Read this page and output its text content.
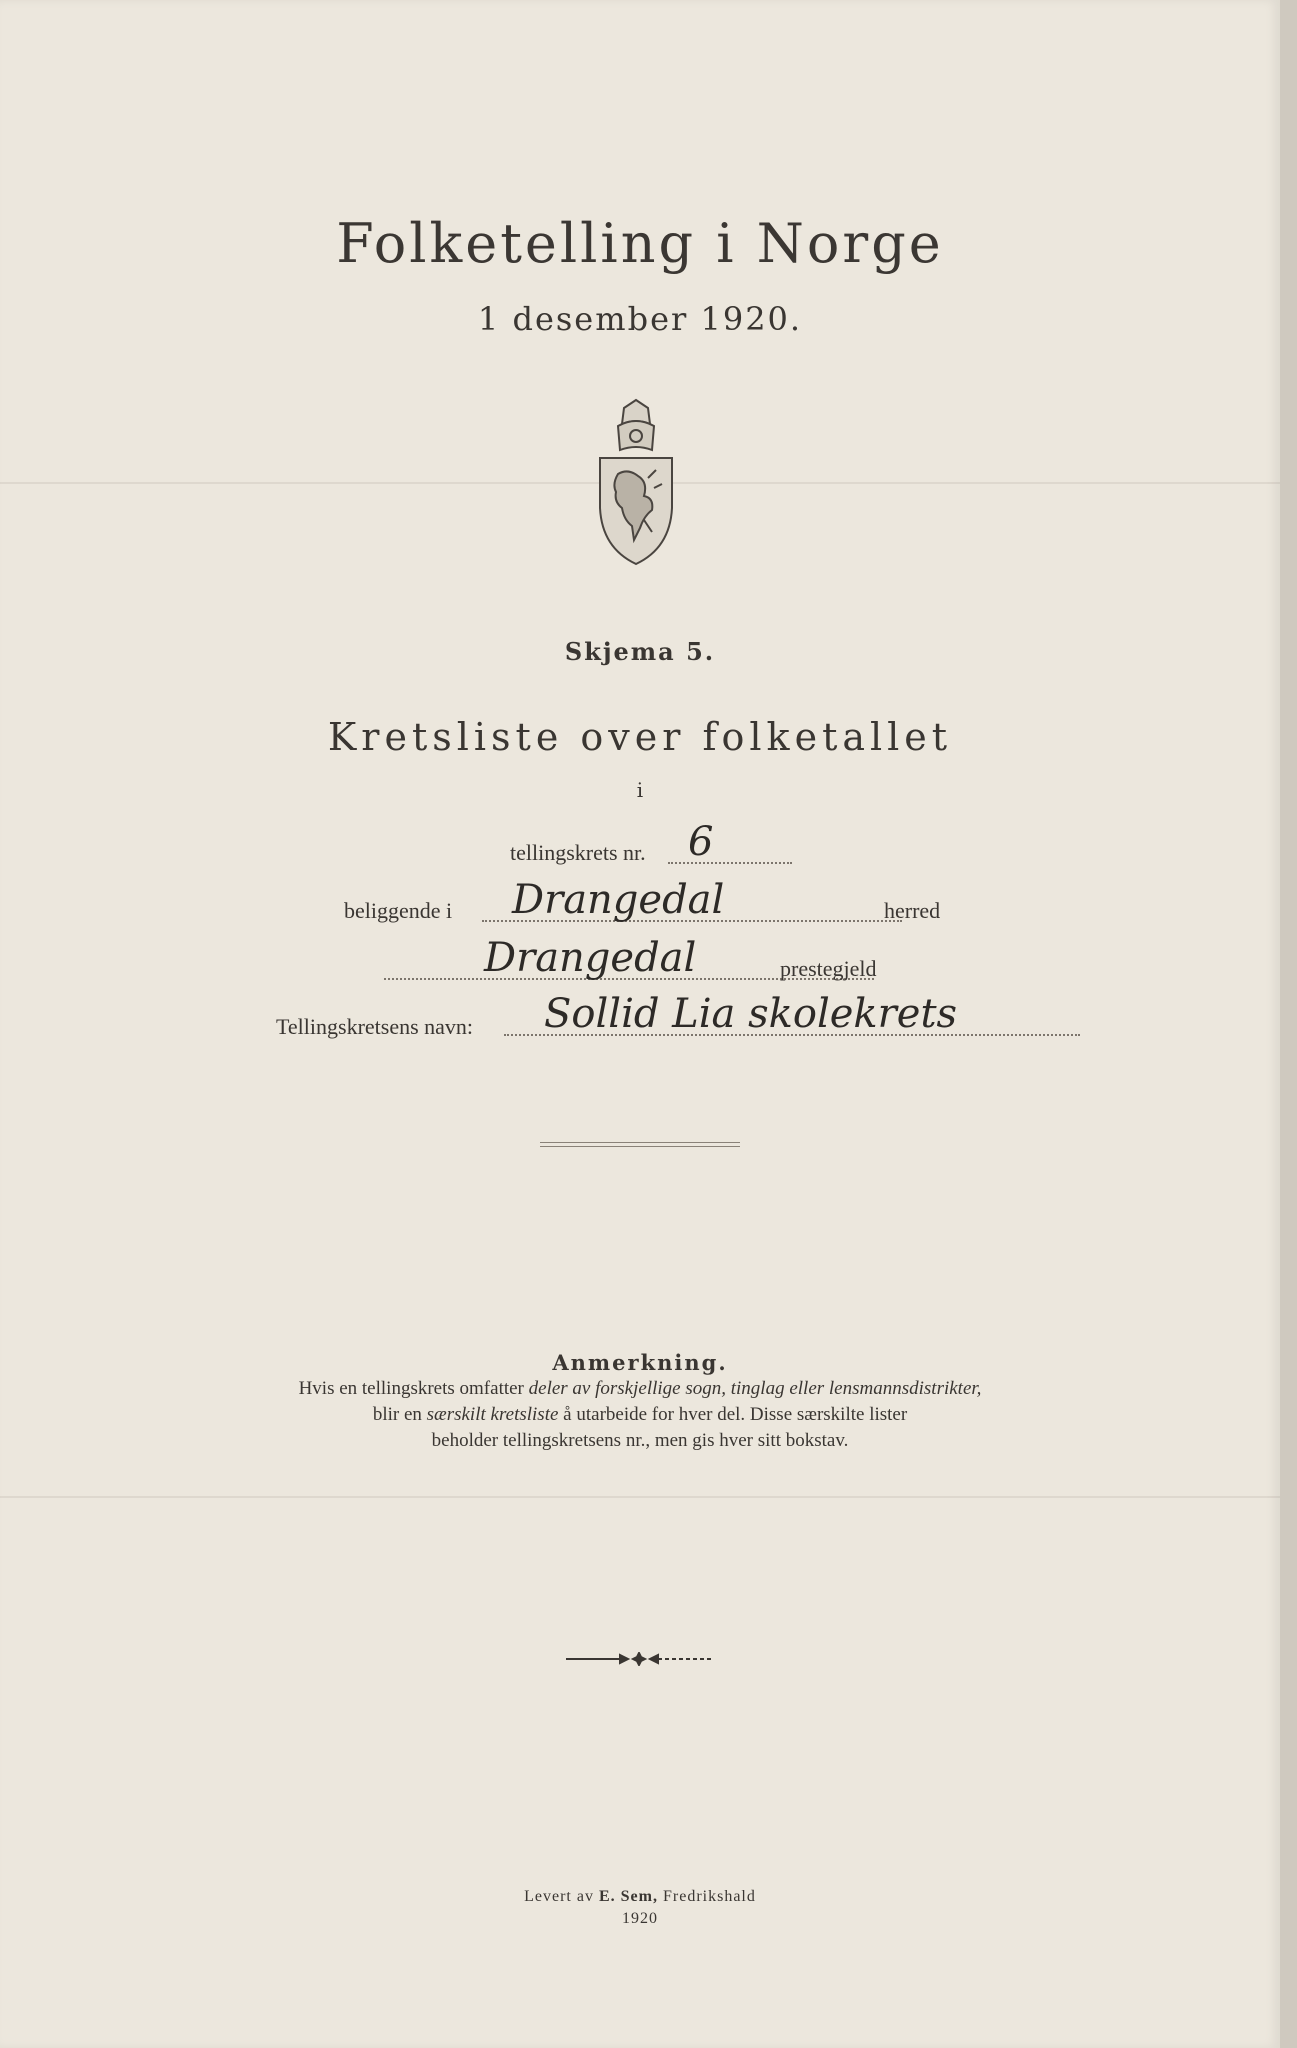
Folketelling i Norge
1 desember 1920.
Skjema 5.
Kretsliste over folketallet
i
tellingskrets nr.	6
beliggende i	Drangedal	herred
Drangedal	prestegjeld
Tellingskretsens navn:	Sollid Lia skolekrets
Anmerkning.
Hvis en tellingskrets omfatter deler av forskjellige sogn, tinglag eller lensmannsdistrikter,
blir en særskilt kretsliste å utarbeide for hver del. Disse særskilte lister
beholder tellingskretsens nr., men gis hver sitt bokstav.
Levert av E. Sem, Fredrikshald
1920
